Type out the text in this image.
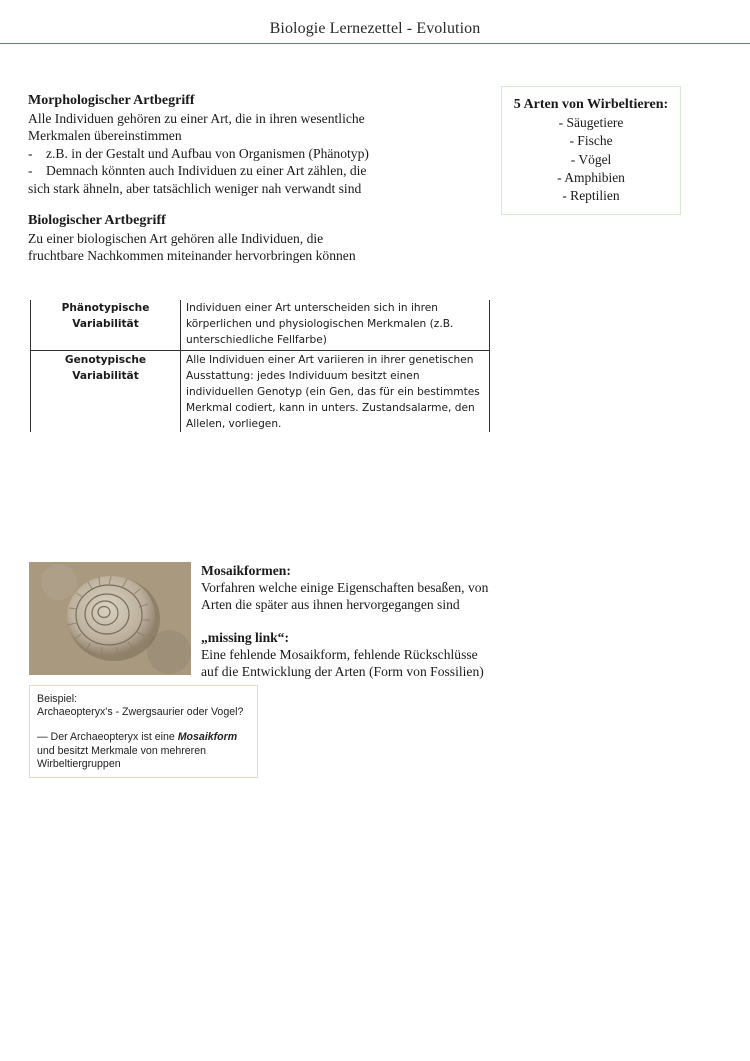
Biologie Lernezettel - Evolution
Morphologischer Artbegriff

Alle Individuen gehören zu einer Art, die in ihren wesentliche

Merkmalen übereinstimmen

- z.B. in der Gestalt und Aufbau von Organismen (Phänotyp)
- Demnach könnten auch Individuen zu einer Art zählen, die

sich stark ähneln, aber tatsächlich weniger nah verwandt sind

Biologischer Artbegriff

Zu einer biologischen Art gehören alle Individuen, die

fruchtbare Nachkommen miteinander hervorbringen können

5 Arten von Wirbeltieren:
- Säugetiere
- Fische
- Vögel
- Amphibien
- Reptilien
Phänotypische
Variabilität
Individuen einer Art unterscheiden sich in ihren
körperlichen und physiologischen Merkmalen (z.B.
unterschiedliche Fellfarbe)
Genotypische
Variabilität
Alle Individuen einer Art variieren in ihrer genetischen
Ausstattung: jedes Individuum besitzt einen
individuellen Genotyp (ein Gen, das für ein bestimmtes
Merkmal codiert, kann in unters. Zustandsalarme, den
Allelen, vorliegen.
Mosaikformen:

Vorfahren welche einige Eigenschaften besaßen, von

Arten die später aus ihnen hervorgegangen sind

„missing link“:

Eine fehlende Mosaikform, fehlende Rückschlüsse

auf die Entwicklung der Arten (Form von Fossilien)

Beispiel:

Archaeopteryx's - Zwergsaurier oder Vogel?

— Der Archaeopteryx ist eine Mosaikform

und besitzt Merkmale von mehreren

Wirbeltiergruppen
